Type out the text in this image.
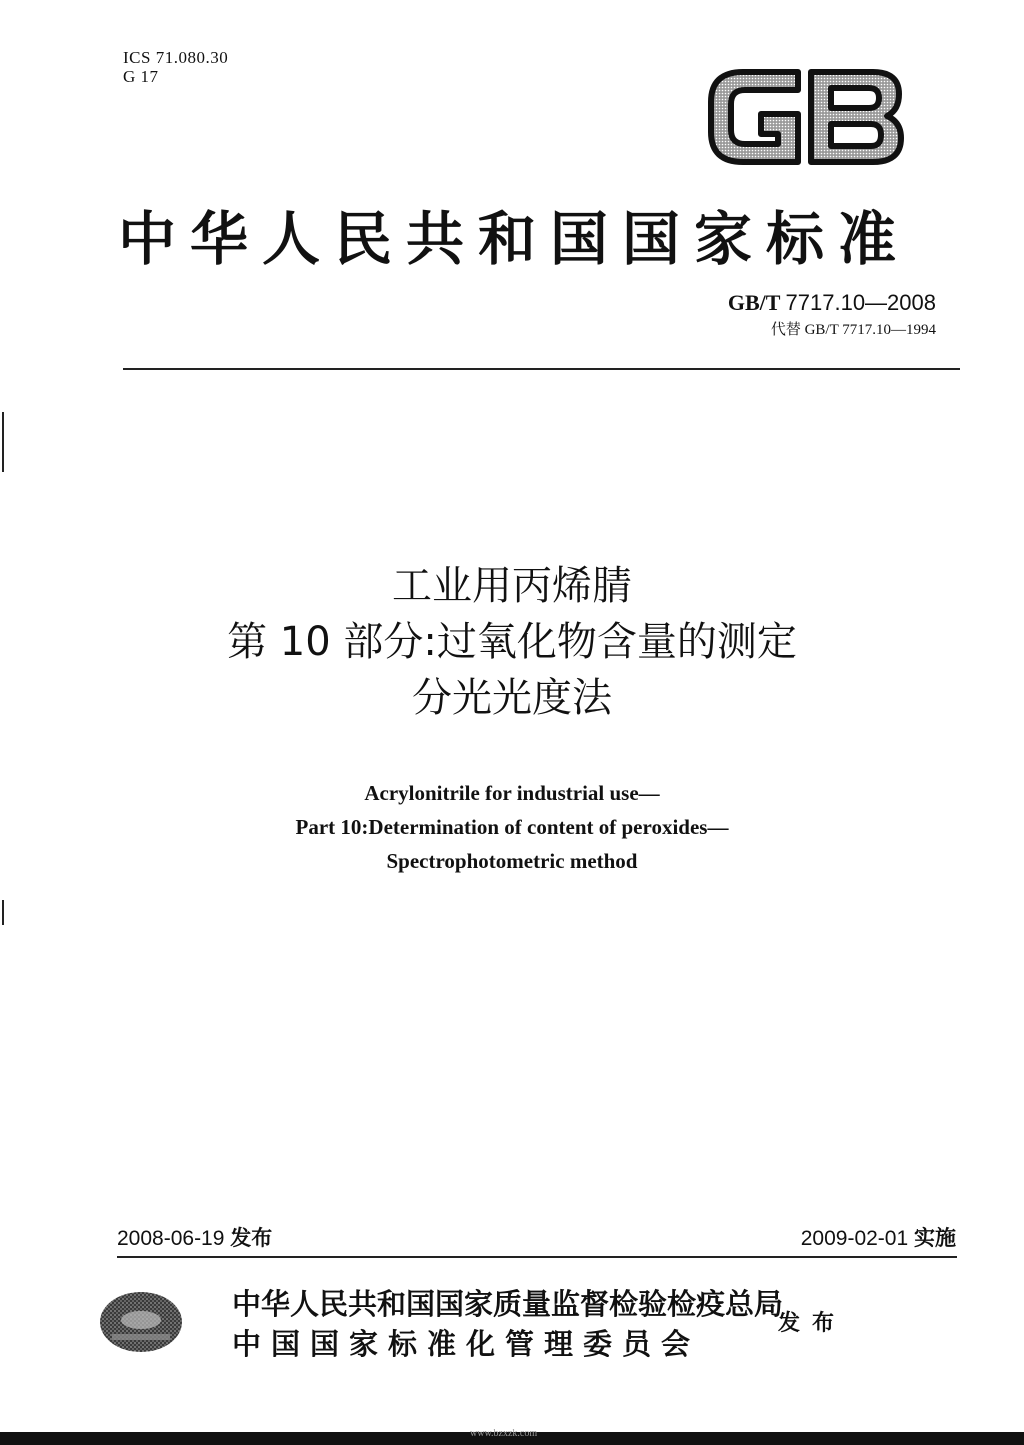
ICS 71.080.30
G 17
中华人民共和国国家标准
GB/T 7717.10—2008
代替 GB/T 7717.10—1994
工业用丙烯腈
第 10 部分:过氧化物含量的测定
分光光度法
Acrylonitrile for industrial use—
Part 10:Determination of content of peroxides—
Spectrophotometric method
2008-06-19 发布	2009-02-01 实施
中华人民共和国国家质量监督检验检疫总局
中国国家标准化管理委员会
发布
www.bzxzk.com
